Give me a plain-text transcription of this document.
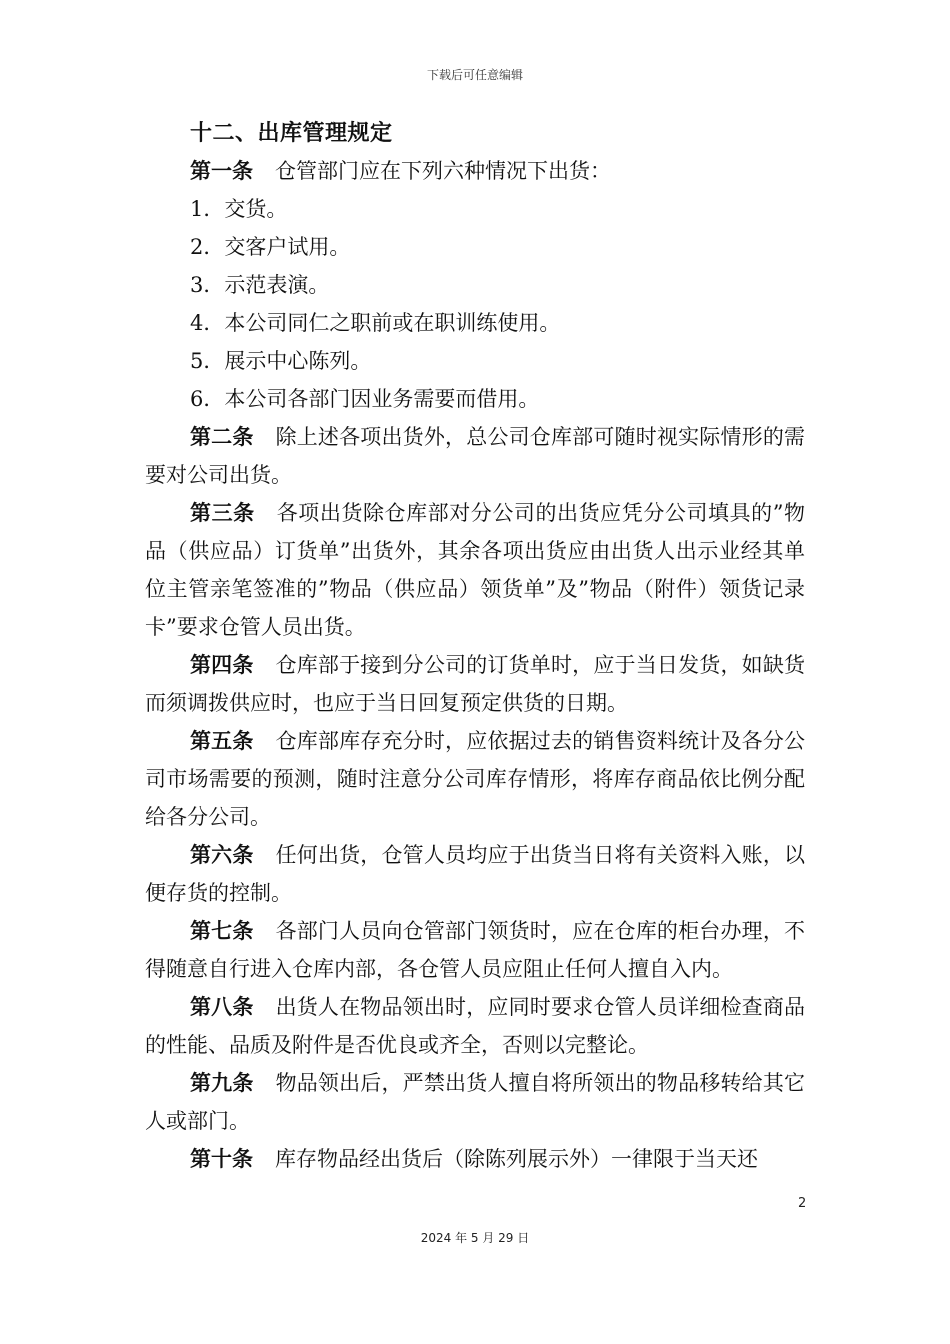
下载后可任意编辑
十二、出库管理规定

第一条 仓管部门应在下列六种情况下出货：

1．交货。

2．交客户试用。

3．示范表演。

4．本公司同仁之职前或在职训练使用。

5．展示中心陈列。

6．本公司各部门因业务需要而借用。

第二条 除上述各项出货外，总公司仓库部可随时视实际情形的需要对公司出货。

第三条 各项出货除仓库部对分公司的出货应凭分公司填具的”物品（供应品）订货单”出货外，其余各项出货应由出货人出示业经其单位主管亲笔签准的”物品（供应品）领货单”及”物品（附件）领货记录卡”要求仓管人员出货。

第四条 仓库部于接到分公司的订货单时，应于当日发货，如缺货而须调拨供应时，也应于当日回复预定供货的日期。

第五条 仓库部库存充分时，应依据过去的销售资料统计及各分公司市场需要的预测，随时注意分公司库存情形，将库存商品依比例分配给各分公司。

第六条 任何出货，仓管人员均应于出货当日将有关资料入账，以便存货的控制。

第七条 各部门人员向仓管部门领货时，应在仓库的柜台办理，不得随意自行进入仓库内部，各仓管人员应阻止任何人擅自入内。

第八条 出货人在物品领出时，应同时要求仓管人员详细检查商品的性能、品质及附件是否优良或齐全，否则以完整论。

第九条 物品领出后，严禁出货人擅自将所领出的物品移转给其它人或部门。

第十条 库存物品经出货后（除陈列展示外）一律限于当天还

2
2024 年 5 月 29 日
